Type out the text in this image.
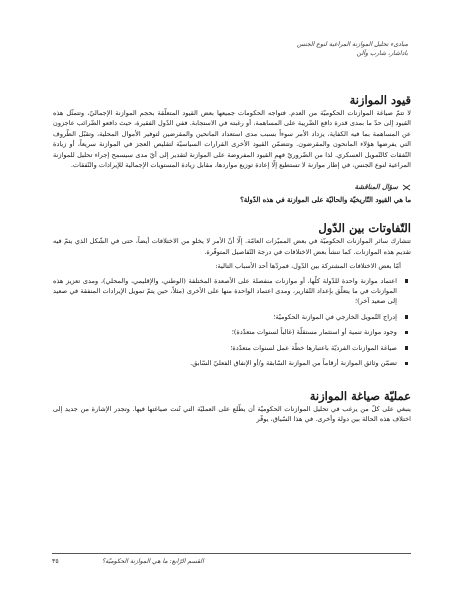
مبادىء تحليل الموازنة المراعية لنوع الجنس
باداشار، شارب وآلن
قيود الموازنة

لا تتمّ صياغة الموازنات الحكوميّة من العدم. فتواجه الحكومات جميعها بعض القيود المتعلّقة بحجم الموازنة الإجماليّ، وتتمثّل هذه القيود إلى حدّ ما بمدى قدرة دافع الضّريبة على المساهمة، أو رغبته في الاستجابة. ففي الدّول الفقيرة، حيث دافعو الضّرائب عاجزون عن المساهمة بما فيه الكفاية، يزداد الأمر سوءاً بسبب مدى استعداد المانحين والمقرضين لتوفير الأموال المحلية، وتقبّل الظّروف التي يفرضها هؤلاء المانحون والمقرضون. وتتضمّن القيود الأخرى القرارات السياسيّة لتقليص العجز في الموازنة سريعاً، أو زيادة النّفقات كالتّمويل العسكري. لذا من الضّروريّ فهم القيود المفروضة على الموازنة لتقدير إلى أيّ مدى سيسمح إجراء تحليل للموازنة المراعية لنوع الجنس، في إطار موازنة لا تستطيع إلّا إعادة توزيع مواردها، مقابل زيادة المستويات الإجمالية للإيرادات والنّفقات.

سؤال المناقشة

ما هي القيود التّاريخيّة والحاليّة على الموازنة في هذه الدّولة؟

التّفاوتات بين الدّول

تتشارك سائر الموازنات الحكوميّة في بعض المميّزات العامّة. إلّا أنّ الأمر لا يخلو من الاختلافات أيضاً، حتى في الشّكل الذي يتمّ فيه تقديم هذه الموازنات. كما تنشأ بعض الاختلافات في درجة التّفاصيل المتوفّرة.

أمّا بعض الاختلافات المشتركة بين الدّول، فمردّها أحد الأسباب التالية:

اعتماد موازنة واحدة للدّولة كلّها، أو موازنات منفصلة على الأصعدة المختلفة (الوطني، والإقليمي، والمحلي)، ومدى تعزيز هذه الموازنات في ما يتعلّق بإعداد التّقارير، ومدى اعتماد الواحدة منها على الأخرى (مثلاً، حين يتمّ تمويل الإيرادات المنفقة في صعيد إلى صعيد آخر)؛
إدراج التّمويل الخارجي في الموازنة الحكوميّة؛
وجود موازنة تنمية أو استثمار مستقلّة (غالباً لسنوات متعدّدة)؛
صياغة الموازنات الفرديّة باعتبارها خطّة عمل لسنوات متعدّدة؛
تضمّن وثائق الموازنة أرقاماً من الموازنة السّابقة و/أو الإنفاق الفعليّ السّابق.
عمليّة صياغة الموازنة

ينبغي على كلّ من يرغب في تحليل الموازنات الحكوميّة أن يطّلع على العمليّة التي تُنت صياغتها فيها. وتجدر الإشارة من جديد إلى اختلاف هذه الحالة بين دولة وأخرى. في هذا السّياق، يوفّر

القسم الرّابع: ما هي الموازنة الحكوميّة؟
٣٥
